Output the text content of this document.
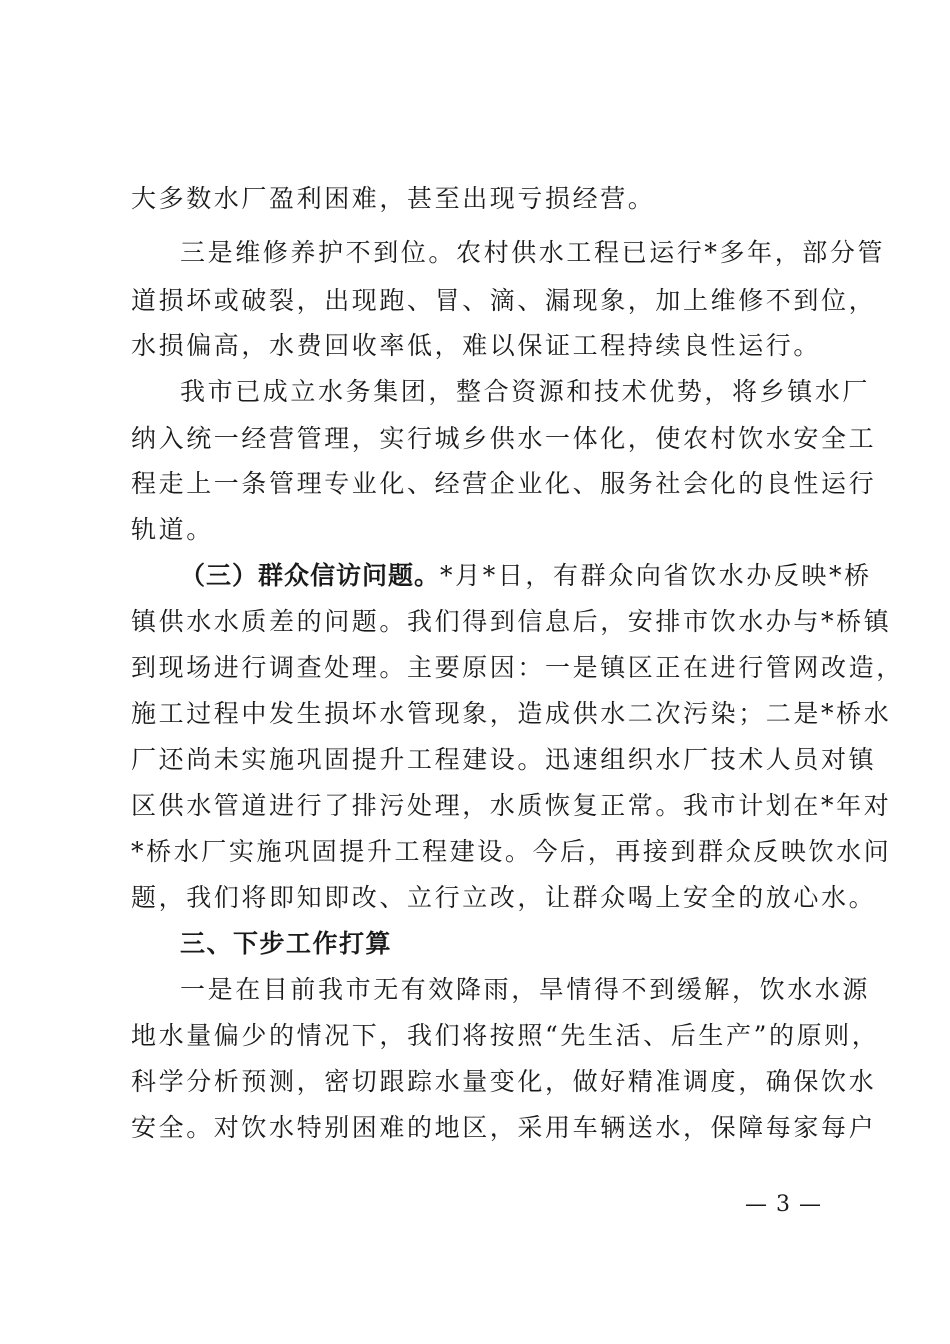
大多数水厂盈利困难，甚至出现亏损经营。
三是维修养护不到位。农村供水工程已运行*多年，部分管
道损坏或破裂，出现跑、冒、滴、漏现象，加上维修不到位，
水损偏高，水费回收率低，难以保证工程持续良性运行。
我市已成立水务集团，整合资源和技术优势，将乡镇水厂
纳入统一经营管理，实行城乡供水一体化，使农村饮水安全工
程走上一条管理专业化、经营企业化、服务社会化的良性运行
轨道。
（三）群众信访问题。*月*日，有群众向省饮水办反映*桥
镇供水水质差的问题。我们得到信息后，安排市饮水办与*桥镇
到现场进行调查处理。主要原因：一是镇区正在进行管网改造，
施工过程中发生损坏水管现象，造成供水二次污染；二是*桥水
厂还尚未实施巩固提升工程建设。迅速组织水厂技术人员对镇
区供水管道进行了排污处理，水质恢复正常。我市计划在*年对
*桥水厂实施巩固提升工程建设。今后，再接到群众反映饮水问
题，我们将即知即改、立行立改，让群众喝上安全的放心水。
三、下步工作打算
一是在目前我市无有效降雨，旱情得不到缓解，饮水水源
地水量偏少的情况下，我们将按照“先生活、后生产”的原则，
科学分析预测，密切跟踪水量变化，做好精准调度，确保饮水
安全。对饮水特别困难的地区，采用车辆送水，保障每家每户
— 3 —
